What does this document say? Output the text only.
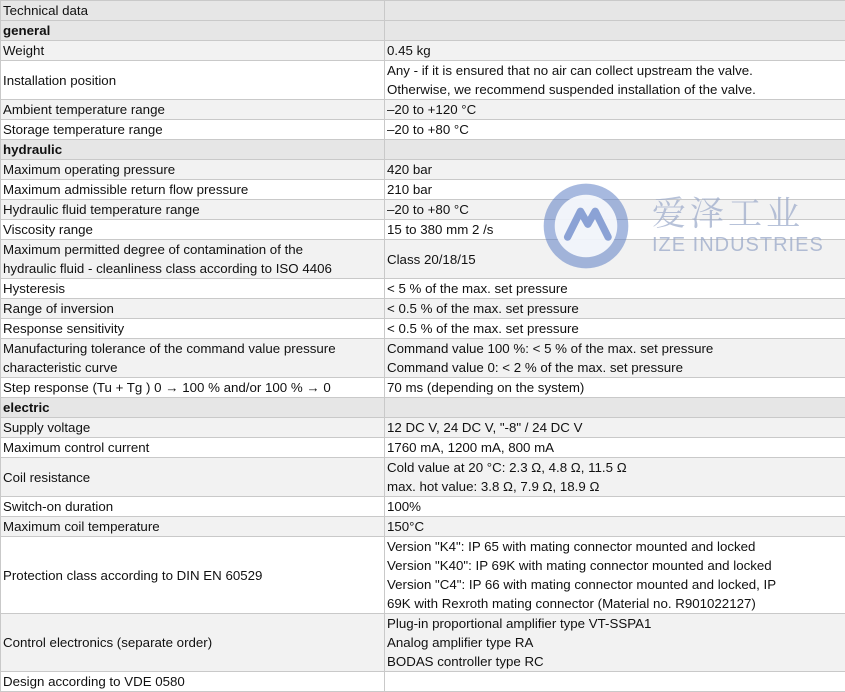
Technical data	
general	
Weight	0.45 kg
Installation position	Any - if it is ensured that no air can collect upstream the valve.
Otherwise, we recommend suspended installation of the valve.

Ambient temperature range	–20 to +120 °C
Storage temperature range	–20 to +80 °C
hydraulic	
Maximum operating pressure	420 bar
Maximum admissible return flow pressure	210 bar
Hydraulic fluid temperature range	–20 to +80 °C
Viscosity range	15 to 380 mm 2 /s

Maximum permitted degree of contamination of the
hydraulic fluid - cleanliness class according to ISO 4406	Class 20/18/15
Hysteresis	< 5 % of the max. set pressure
Range of inversion	< 0.5 % of the max. set pressure
Response sensitivity	< 0.5 % of the max. set pressure

Manufacturing tolerance of the command value pressure
characteristic curve	Command value 100 %: < 5 % of the max. set pressure
Command value 0: < 2 % of the max. set pressure

Step response (Tu + Tg ) 0 → 100 % and/or 100 % → 0	70 ms (depending on the system)
electric	
Supply voltage	12 DC V, 24 DC V, "-8" / 24 DC V
Maximum control current	1760 mA, 1200 mA, 800 mA
Coil resistance	Cold value at 20 °C: 2.3 Ω, 4.8 Ω, 11.5 Ω
max. hot value: 3.8 Ω, 7.9 Ω, 18.9 Ω

Switch-on duration	100%
Maximum coil temperature	150°C
Protection class according to DIN EN 60529	Version "K4": IP 65 with mating connector mounted and locked
Version "K40": IP 69K with mating connector mounted and locked
Version "C4": IP 66 with mating connector mounted and locked, IP
69K with Rexroth mating connector (Material no. R901022127)

Control electronics (separate order)	Plug-in proportional amplifier type VT-SSPA1
Analog amplifier type RA
BODAS controller type RC

Design according to VDE 0580	
爱泽工业
IZE INDUSTRIES
